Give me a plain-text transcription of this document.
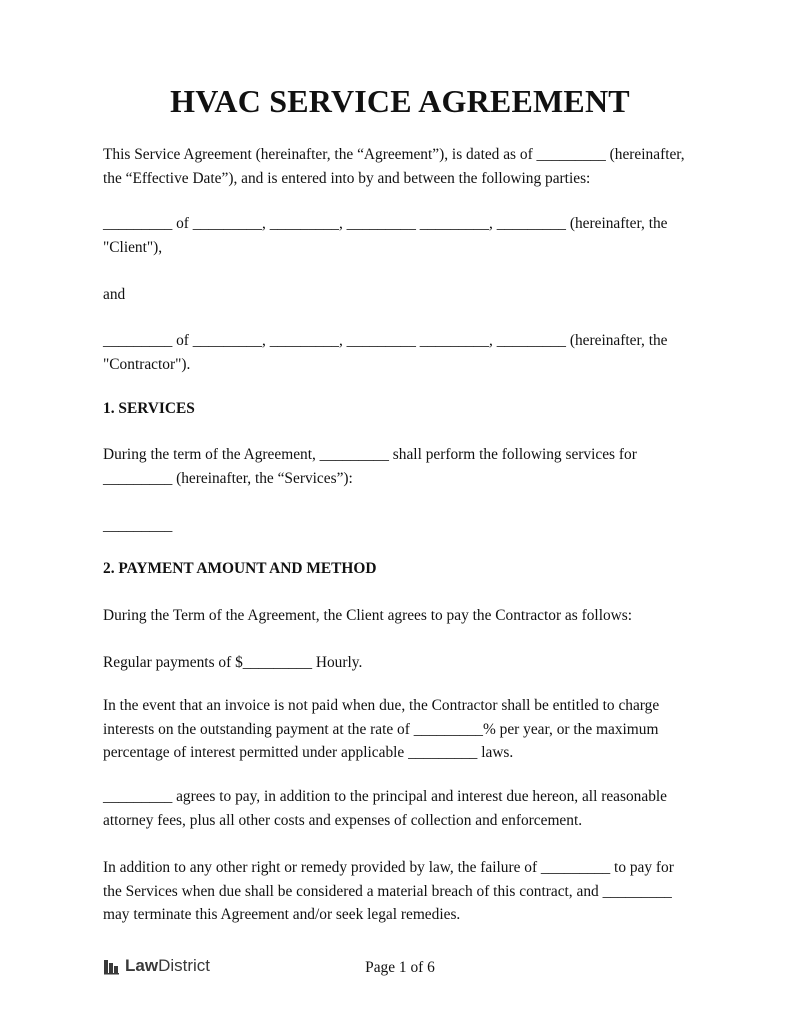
HVAC SERVICE AGREEMENT

This Service Agreement (hereinafter, the “Agreement”), is dated as of _________ (hereinafter,
the “Effective Date”), and is entered into by and between the following parties:

_________ of _________, _________, _________ _________, _________ (hereinafter, the
"Client"),

and

_________ of _________, _________, _________ _________, _________ (hereinafter, the
"Contractor").

1. SERVICES

During the term of the Agreement, _________ shall perform the following services for
_________ (hereinafter, the “Services”):

_________

2. PAYMENT AMOUNT AND METHOD

During the Term of the Agreement, the Client agrees to pay the Contractor as follows:

Regular payments of $_________ Hourly.

In the event that an invoice is not paid when due, the Contractor shall be entitled to charge
interests on the outstanding payment at the rate of _________% per year, or the maximum
percentage of interest permitted under applicable _________ laws.

_________ agrees to pay, in addition to the principal and interest due hereon, all reasonable
attorney fees, plus all other costs and expenses of collection and enforcement.

In addition to any other right or remedy provided by law, the failure of _________ to pay for
the Services when due shall be considered a material breach of this contract, and _________
may terminate this Agreement and/or seek legal remedies.

Law District	Page 1 of 6
